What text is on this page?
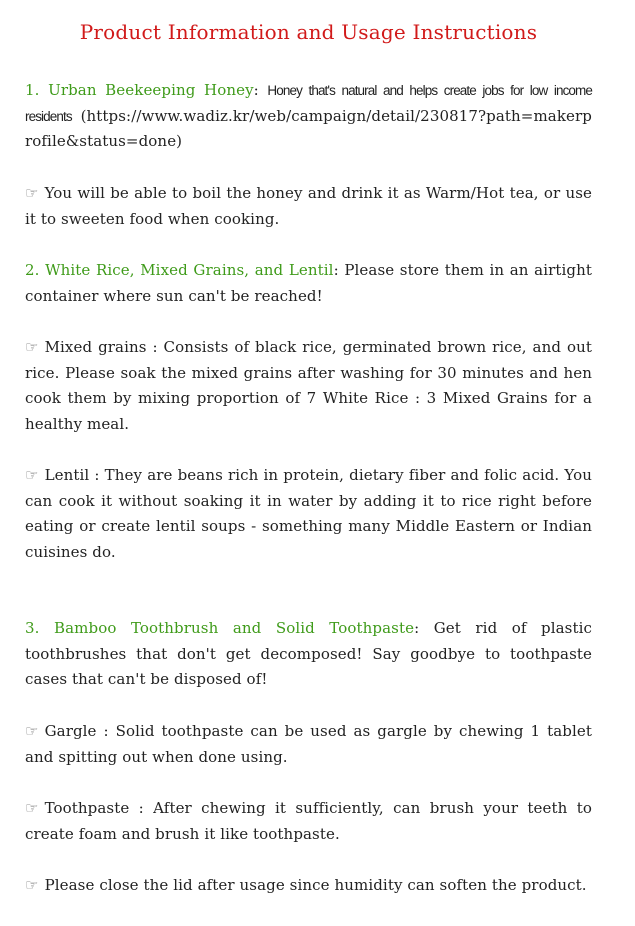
Product Information and Usage Instructions

1. Urban Beekeeping Honey: Honey that's natural and helps create jobs for low income residents (https://www.wadiz.kr/web/campaign/detail/230817?path=makerprofile&status=done)

☞ You will be able to boil the honey and drink it as Warm/Hot tea, or use it to sweeten food when cooking.

2. White Rice, Mixed Grains, and Lentil: Please store them in an airtight container where sun can't be reached!

☞ Mixed grains : Consists of black rice, germinated brown rice, and out rice. Please soak the mixed grains after washing for 30 minutes and hen cook them by mixing proportion of 7 White Rice : 3 Mixed Grains for a healthy meal.

☞ Lentil : They are beans rich in protein, dietary fiber and folic acid. You can cook it without soaking it in water by adding it to rice right before eating or create lentil soups - something many Middle Eastern or Indian cuisines do.

3. Bamboo Toothbrush and Solid Toothpaste: Get rid of plastic toothbrushes that don't get decomposed! Say goodbye to toothpaste cases that can't be disposed of!

☞ Gargle : Solid toothpaste can be used as gargle by chewing 1 tablet and spitting out when done using.

☞ Toothpaste : After chewing it sufficiently, can brush your teeth to create foam and brush it like toothpaste.

☞ Please close the lid after usage since humidity can soften the product.
